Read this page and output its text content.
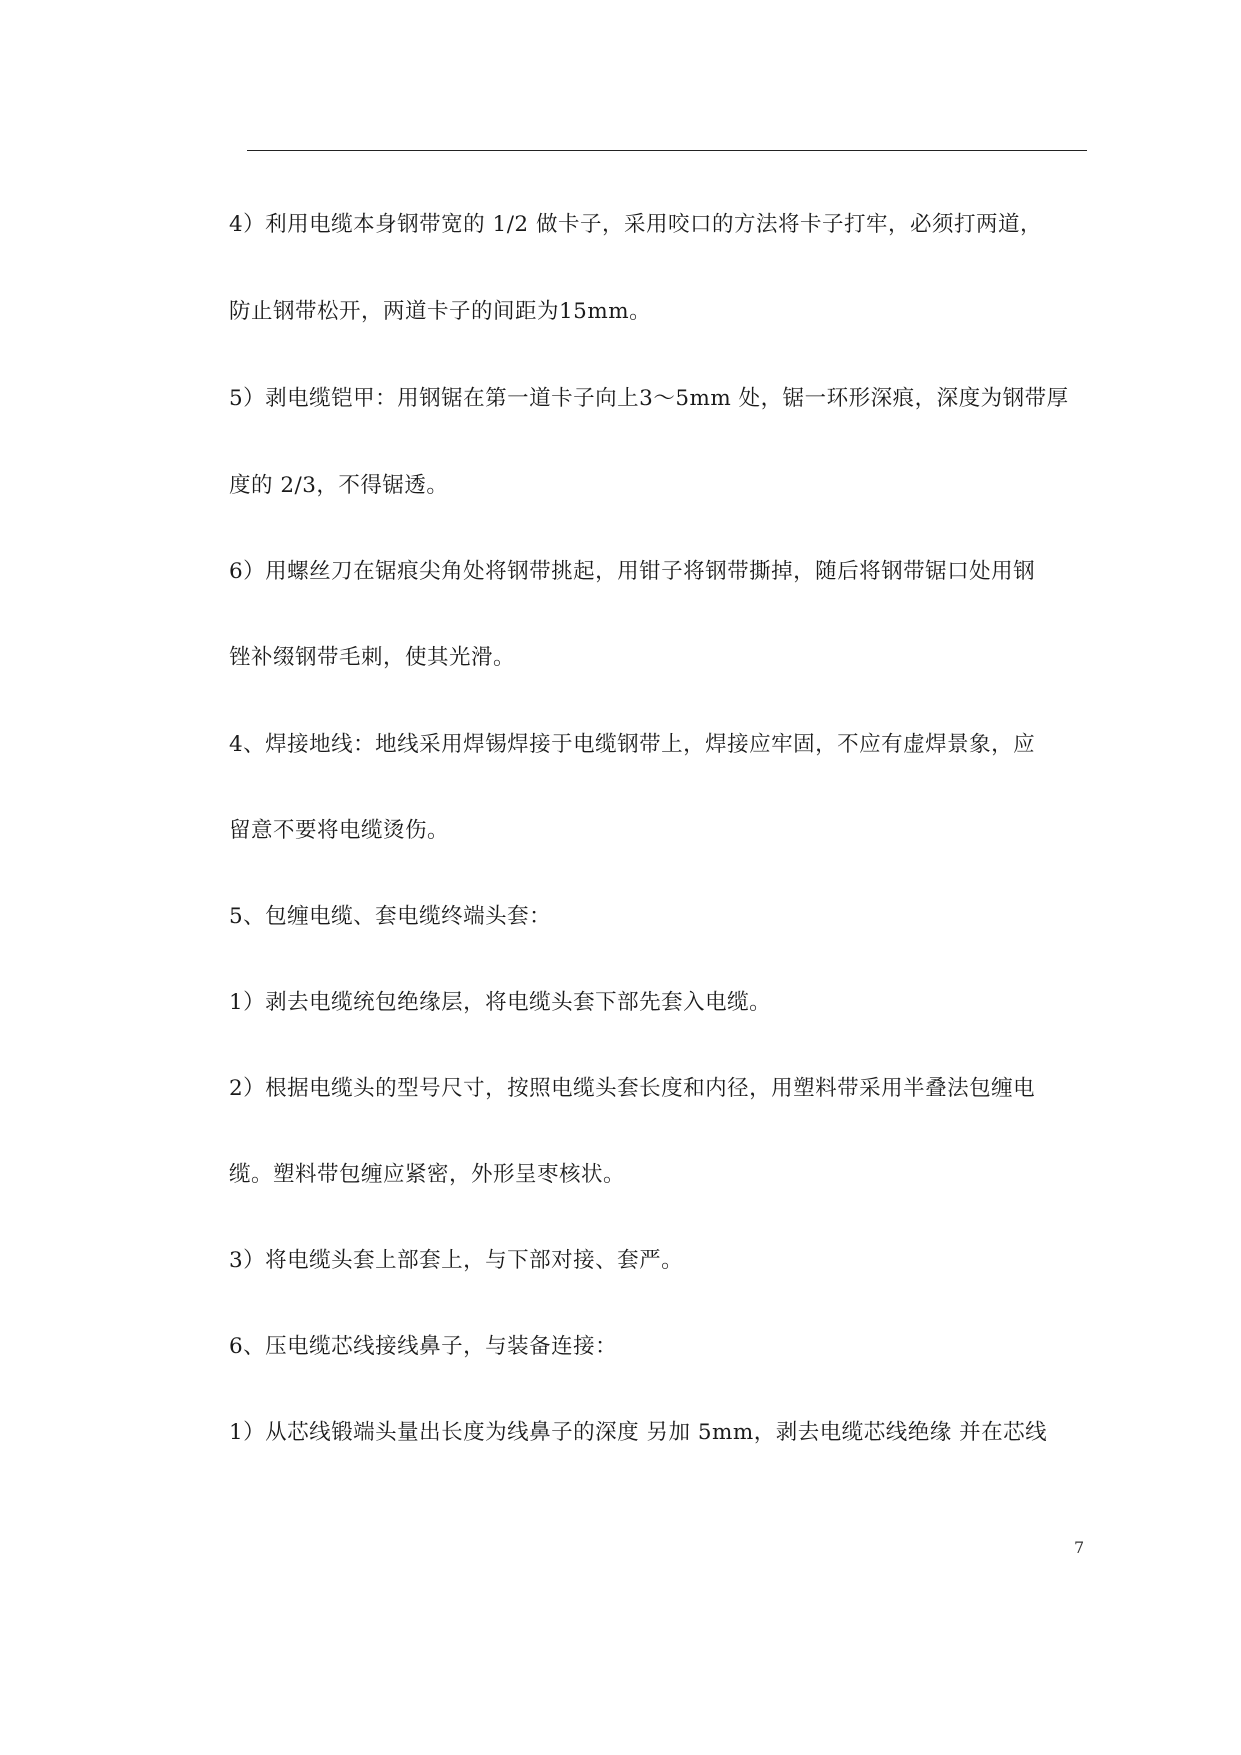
4）利用电缆本身钢带宽的 1/2 做卡子，采用咬口的方法将卡子打牢，必须打两道，
防止钢带松开，两道卡子的间距为15mm。
5）剥电缆铠甲：用钢锯在第一道卡子向上3～5mm 处，锯一环形深痕，深度为钢带厚
度的 2/3，不得锯透。
6）用螺丝刀在锯痕尖角处将钢带挑起，用钳子将钢带撕掉，随后将钢带锯口处用钢
锉补缀钢带毛刺，使其光滑。
4、焊接地线：地线采用焊锡焊接于电缆钢带上，焊接应牢固，不应有虚焊景象，应
留意不要将电缆烫伤。
5、包缠电缆、套电缆终端头套：
1）剥去电缆统包绝缘层，将电缆头套下部先套入电缆。
2）根据电缆头的型号尺寸，按照电缆头套长度和内径，用塑料带采用半叠法包缠电
缆。塑料带包缠应紧密，外形呈枣核状。
3）将电缆头套上部套上，与下部对接、套严。
6、压电缆芯线接线鼻子，与装备连接：
1）从芯线锻端头量出长度为线鼻子的深度 另加 5mm，剥去电缆芯线绝缘 并在芯线
7
